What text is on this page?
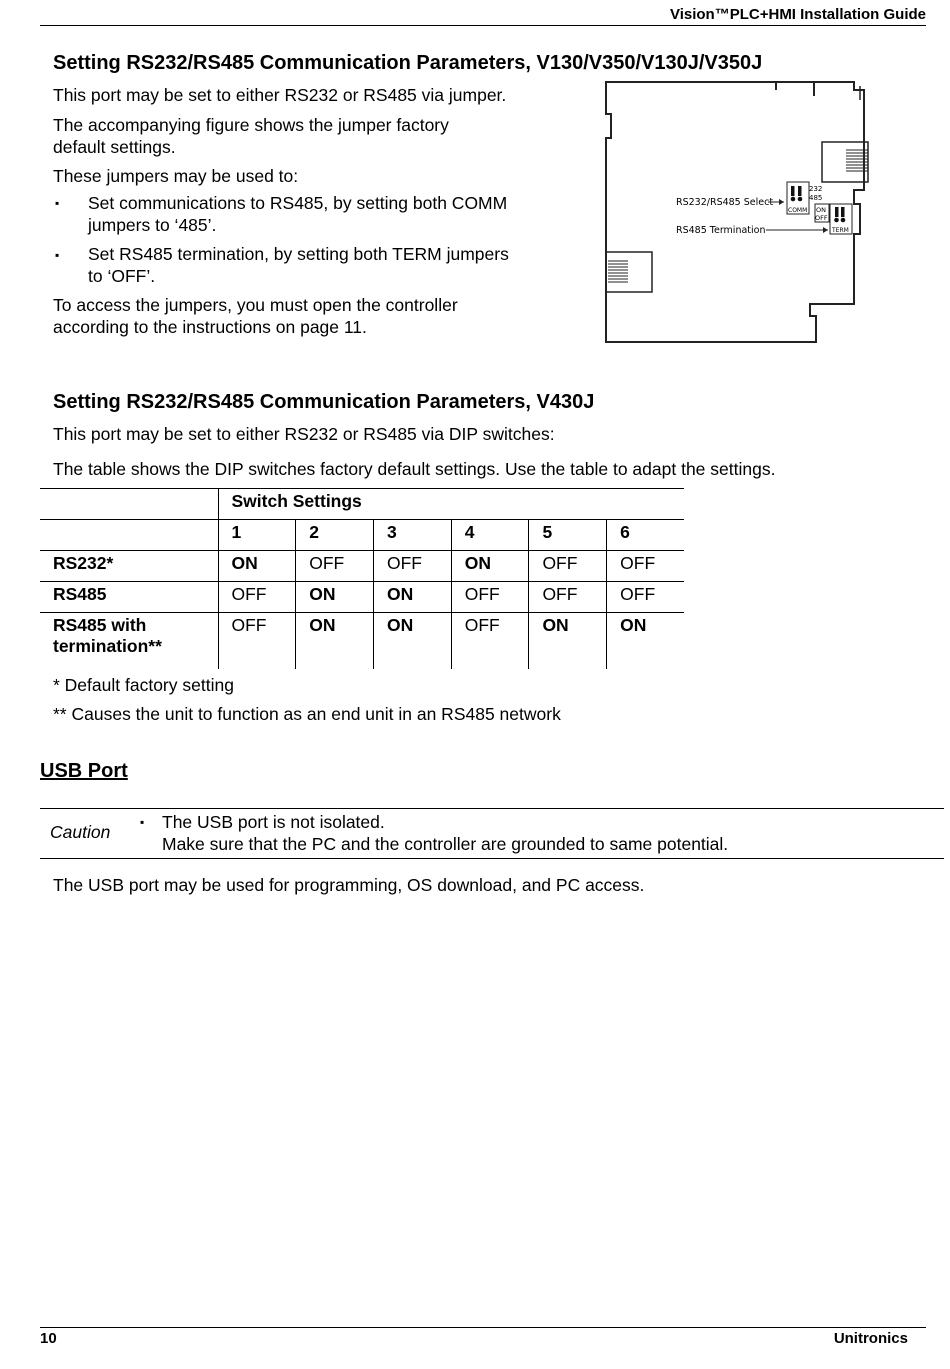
Vision™PLC+HMI Installation Guide
Setting RS232/RS485 Communication Parameters, V130/V350/V130J/V350J
This port may be set to either RS232 or RS485 via jumper.
The accompanying figure shows the jumper factory
default settings.
These jumpers may be used to:
▪ Set communications to RS485, by setting both COMM
jumpers to ‘485’.
▪ Set RS485 termination, by setting both TERM jumpers
to ‘OFF’.
To access the jumpers, you must open the controller
according to the instructions on page 11.
232
485
COMM ON
OFF
TERM
RS232/RS485 Select
RS485 Termination
Setting RS232/RS485 Communication Parameters, V430J
This port may be set to either RS232 or RS485 via DIP switches:
The table shows the DIP switches factory default settings. Use the table to adapt the settings.
	Switch Settings					
	1	2	3	4	5	6
RS232*	ON	OFF	OFF	ON	OFF	OFF
RS485	OFF	ON	ON	OFF	OFF	OFF

RS485 with
termination**	OFF	ON	ON	OFF	ON	ON
* Default factory setting
** Causes the unit to function as an end unit in an RS485 network
USB Port
Caution ▪ The USB port is not isolated.
Make sure that the PC and the controller are grounded to same potential.
The USB port may be used for programming, OS download, and PC access.
10	Unitronics
